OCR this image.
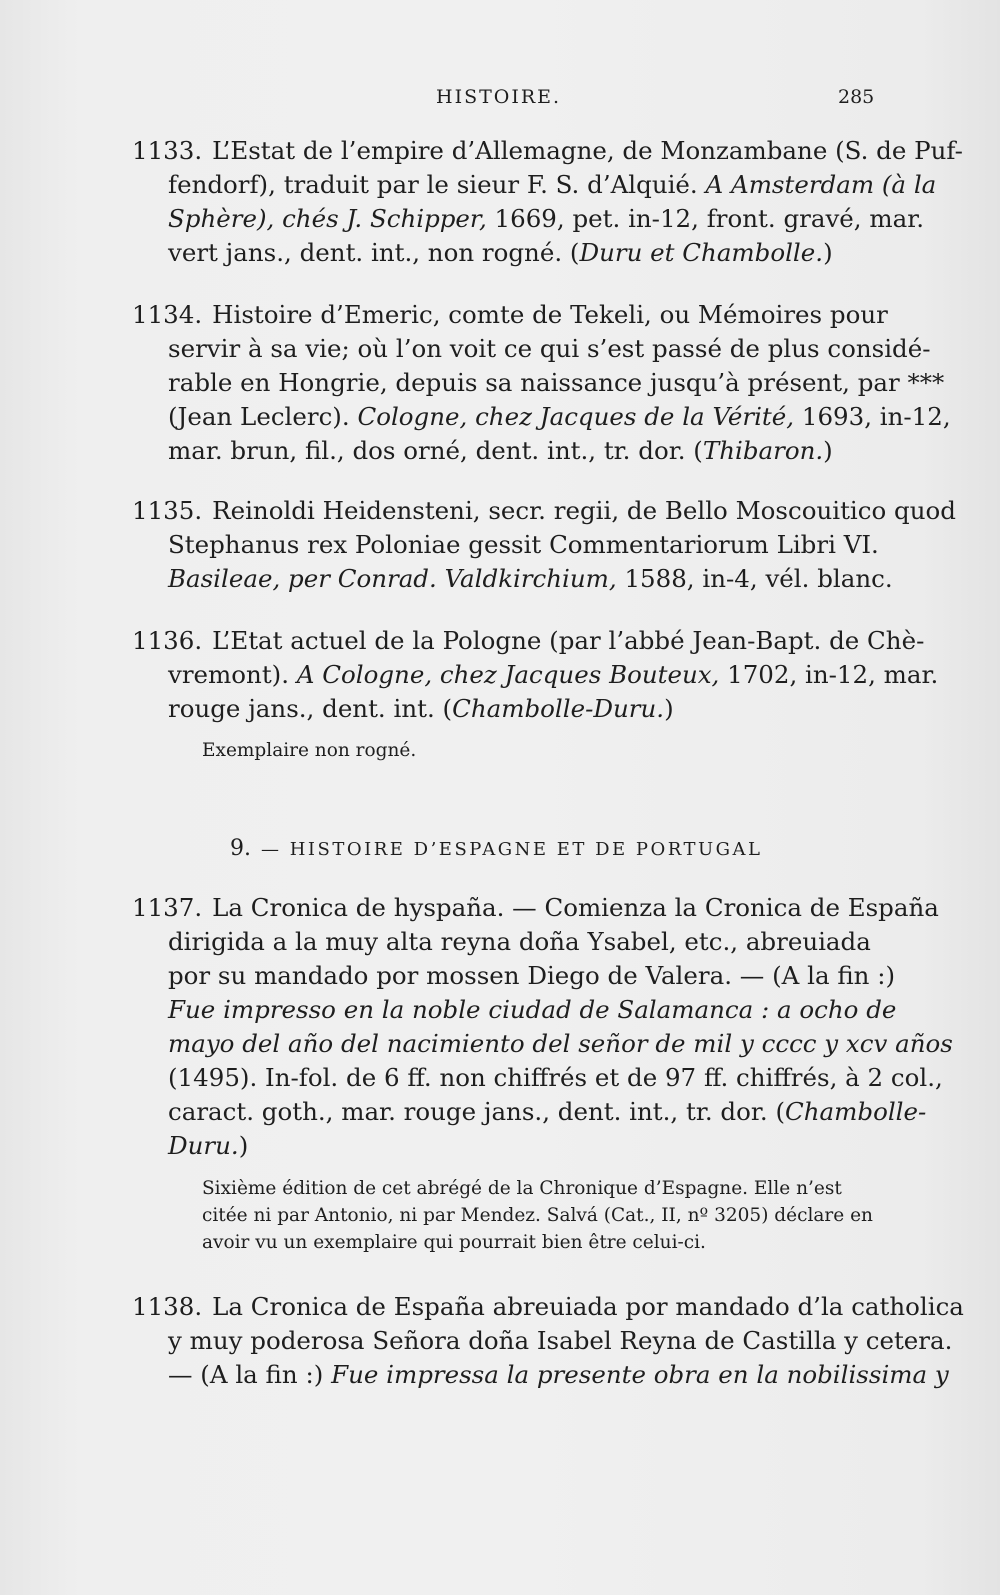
HISTOIRE.	285
1133. L’Estat de l’empire d’Allemagne, de Monzambane (S. de Puf-
fendorf), traduit par le sieur F. S. d’Alquié. A Amsterdam (à la
Sphère), chés J. Schipper, 1669, pet. in-12, front. gravé, mar.
vert jans., dent. int., non rogné. (Duru et Chambolle.)
1134. Histoire d’Emeric, comte de Tekeli, ou Mémoires pour
servir à sa vie; où l’on voit ce qui s’est passé de plus considé-
rable en Hongrie, depuis sa naissance jusqu’à présent, par ***
(Jean Leclerc). Cologne, chez Jacques de la Vérité, 1693, in-12,
mar. brun, fil., dos orné, dent. int., tr. dor. (Thibaron.)
1135. Reinoldi Heidensteni, secr. regii, de Bello Moscouitico quod
Stephanus rex Poloniae gessit Commentariorum Libri VI.
Basileae, per Conrad. Valdkirchium, 1588, in-4, vél. blanc.
1136. L’Etat actuel de la Pologne (par l’abbé Jean-Bapt. de Chè-
vremont). A Cologne, chez Jacques Bouteux, 1702, in-12, mar.
rouge jans., dent. int. (Chambolle-Duru.)
Exemplaire non rogné.
9. — HISTOIRE D’ESPAGNE ET DE PORTUGAL
1137. La Cronica de hyspaña. — Comienza la Cronica de España
dirigida a la muy alta reyna doña Ysabel, etc., abreuiada
por su mandado por mossen Diego de Valera. — (A la fin :)
Fue impresso en la noble ciudad de Salamanca : a ocho de
mayo del año del nacimiento del señor de mil y cccc y xcv años
(1495). In-fol. de 6 ff. non chiffrés et de 97 ff. chiffrés, à 2 col.,
caract. goth., mar. rouge jans., dent. int., tr. dor. (Chambolle-
Duru.)
Sixième édition de cet abrégé de la Chronique d’Espagne. Elle n’est
citée ni par Antonio, ni par Mendez. Salvá (Cat., II, nº 3205) déclare en
avoir vu un exemplaire qui pourrait bien être celui-ci.
1138. La Cronica de España abreuiada por mandado d’la catholica
y muy poderosa Señora doña Isabel Reyna de Castilla y cetera.
— (A la fin :) Fue impressa la presente obra en la nobilissima y
